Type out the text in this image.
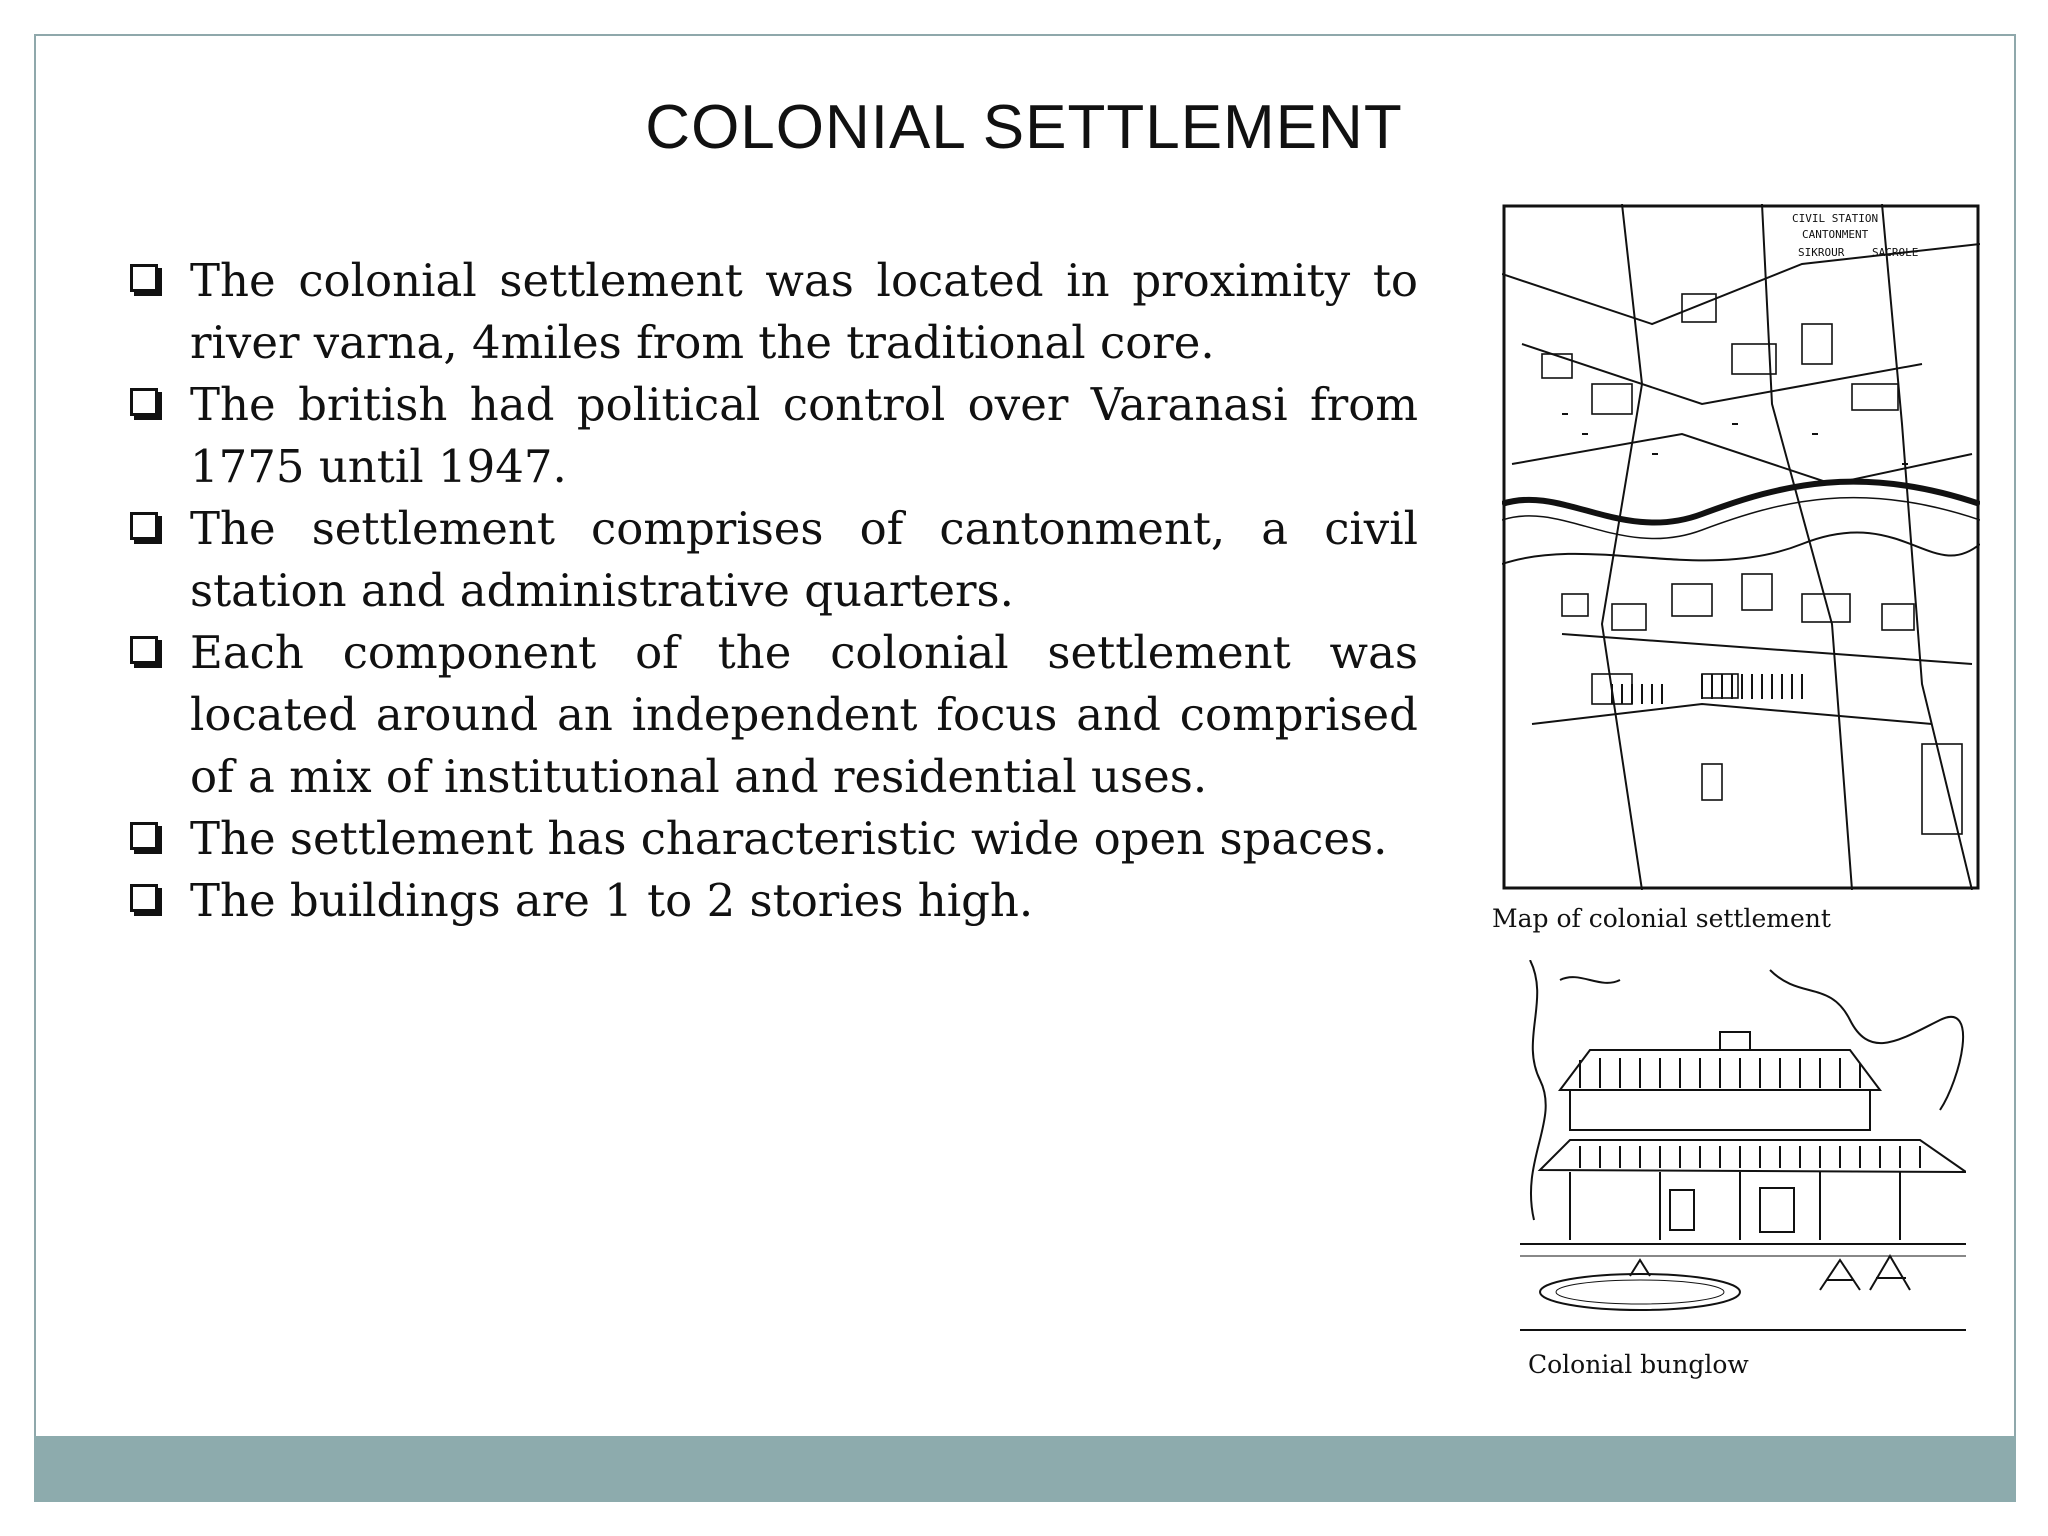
COLONIAL SETTLEMENT
The colonial settlement was located in proximity to river varna, 4miles from the traditional core.
The british had political control over Varanasi from 1775 until 1947.
The settlement comprises of cantonment, a civil station and administrative quarters.
Each component of the colonial settlement was located around an independent focus and comprised of a mix of institutional and residential uses.
The settlement has characteristic wide open spaces.
The buildings are 1 to 2 stories high.
CIVIL STATION
CANTONMENT
SIKROUR	SACROLE
Map of colonial settlement
Colonial bunglow
